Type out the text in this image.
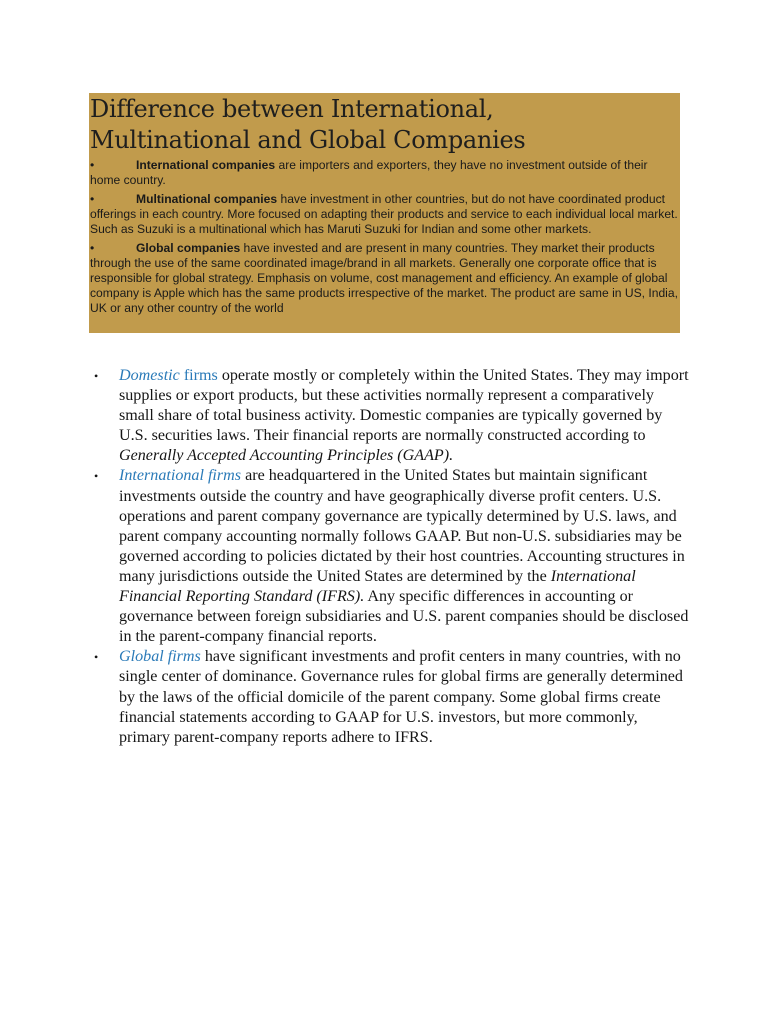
Difference between International,
Multinational and Global Companies
•	International companies are importers and exporters, they have no investment outside of their home country.
•	Multinational companies have investment in other countries, but do not have coordinated product offerings in each country. More focused on adapting their products and service to each individual local market. Such as Suzuki is a multinational which has Maruti Suzuki for Indian and some other markets.
•	Global companies have invested and are present in many countries. They market their products through the use of the same coordinated image/brand in all markets. Generally one corporate office that is responsible for global strategy. Emphasis on volume, cost management and efficiency. An example of global company is Apple which has the same products irrespective of the market. The product are same in US, India, UK or any other country of the world
• Domestic firms operate mostly or completely within the United States. They may import supplies or export products, but these activities normally represent a comparatively small share of total business activity. Domestic companies are typically governed by U.S. securities laws. Their financial reports are normally constructed according to Generally Accepted Accounting Principles (GAAP).
• International firms are headquartered in the United States but maintain significant investments outside the country and have geographically diverse profit centers. U.S. operations and parent company governance are typically determined by U.S. laws, and parent company accounting normally follows GAAP. But non-U.S. subsidiaries may be governed according to policies dictated by their host countries. Accounting structures in many jurisdictions outside the United States are determined by the International Financial Reporting Standard (IFRS). Any specific differences in accounting or governance between foreign subsidiaries and U.S. parent companies should be disclosed in the parent-company financial reports.
• Global firms have significant investments and profit centers in many countries, with no single center of dominance. Governance rules for global firms are generally determined by the laws of the official domicile of the parent company. Some global firms create financial statements according to GAAP for U.S. investors, but more commonly, primary parent-company reports adhere to IFRS.
